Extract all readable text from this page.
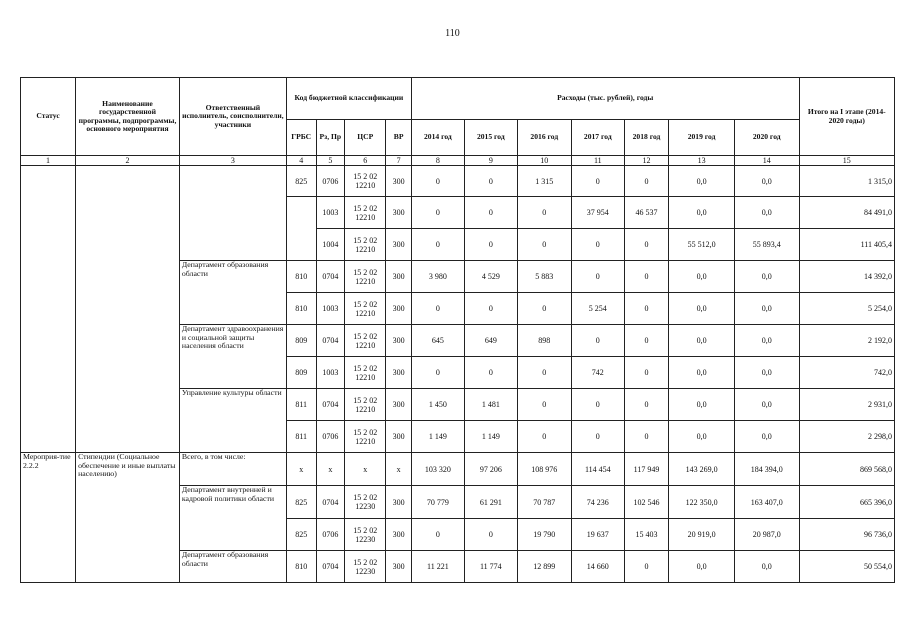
110
Статус	Наименование государственной программы, подпрограммы, основного мероприятия	Ответственный исполнитель, соисполнители, участники	Код бюджетной классификации				Расходы (тыс. рублей), годы							Итого на I этапе (2014-2020 годы)
			ГРБС	Рз, Пр	ЦСР	ВР	2014 год	2015 год	2016 год	2017 год	2018 год	2019 год	2020 год	
1	2	3	4	5	6	7	8	9	10	11	12	13	14	15
			825	0706	15 2 02 12210	300	0	0	1 315	0	0	0,0	0,0	1 315,0
				1003	15 2 02 12210	300	0	0	0	37 954	46 537	0,0	0,0	84 491,0
				1004	15 2 02 12210	300	0	0	0	0	0	55 512,0	55 893,4	111 405,4
		Департамент образования области	810	0704	15 2 02 12210	300	3 980	4 529	5 883	0	0	0,0	0,0	14 392,0
			810	1003	15 2 02 12210	300	0	0	0	5 254	0	0,0	0,0	5 254,0
		Департамент здравоохранения и социальной защиты населения области	809	0704	15 2 02 12210	300	645	649	898	0	0	0,0	0,0	2 192,0
			809	1003	15 2 02 12210	300	0	0	0	742	0	0,0	0,0	742,0
		Управление культуры области	811	0704	15 2 02 12210	300	1 450	1 481	0	0	0	0,0	0,0	2 931,0
			811	0706	15 2 02 12210	300	1 149	1 149	0	0	0	0,0	0,0	2 298,0
Мероприя-тие 2.2.2	Стипендии (Социальное обеспечение и иные выплаты населению)	Всего, в том числе:	x	x	x	x	103 320	97 206	108 976	114 454	117 949	143 269,0	184 394,0	869 568,0
		Департамент внутренней и кадровой политики области	825	0704	15 2 02 12230	300	70 779	61 291	70 787	74 236	102 546	122 350,0	163 407,0	665 396,0
			825	0706	15 2 02 12230	300	0	0	19 790	19 637	15 403	20 919,0	20 987,0	96 736,0
		Департамент образования области	810	0704	15 2 02 12230	300	11 221	11 774	12 899	14 660	0	0,0	0,0	50 554,0
